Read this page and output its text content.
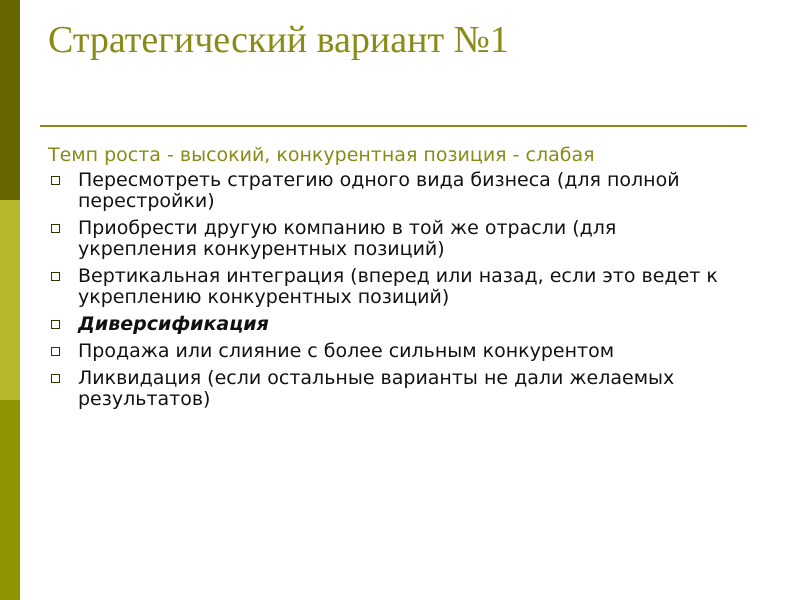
Стратегический вариант №1
Темп роста - высокий, конкурентная позиция - слабая
Пересмотреть стратегию одного вида бизнеса (для полной перестройки)
Приобрести другую компанию в той же отрасли (для укрепления конкурентных позиций)
Вертикальная интеграция (вперед или назад, если это ведет к укреплению конкурентных позиций)
Диверсификация
Продажа или слияние с более сильным конкурентом
Ликвидация (если остальные варианты не дали желаемых результатов)
